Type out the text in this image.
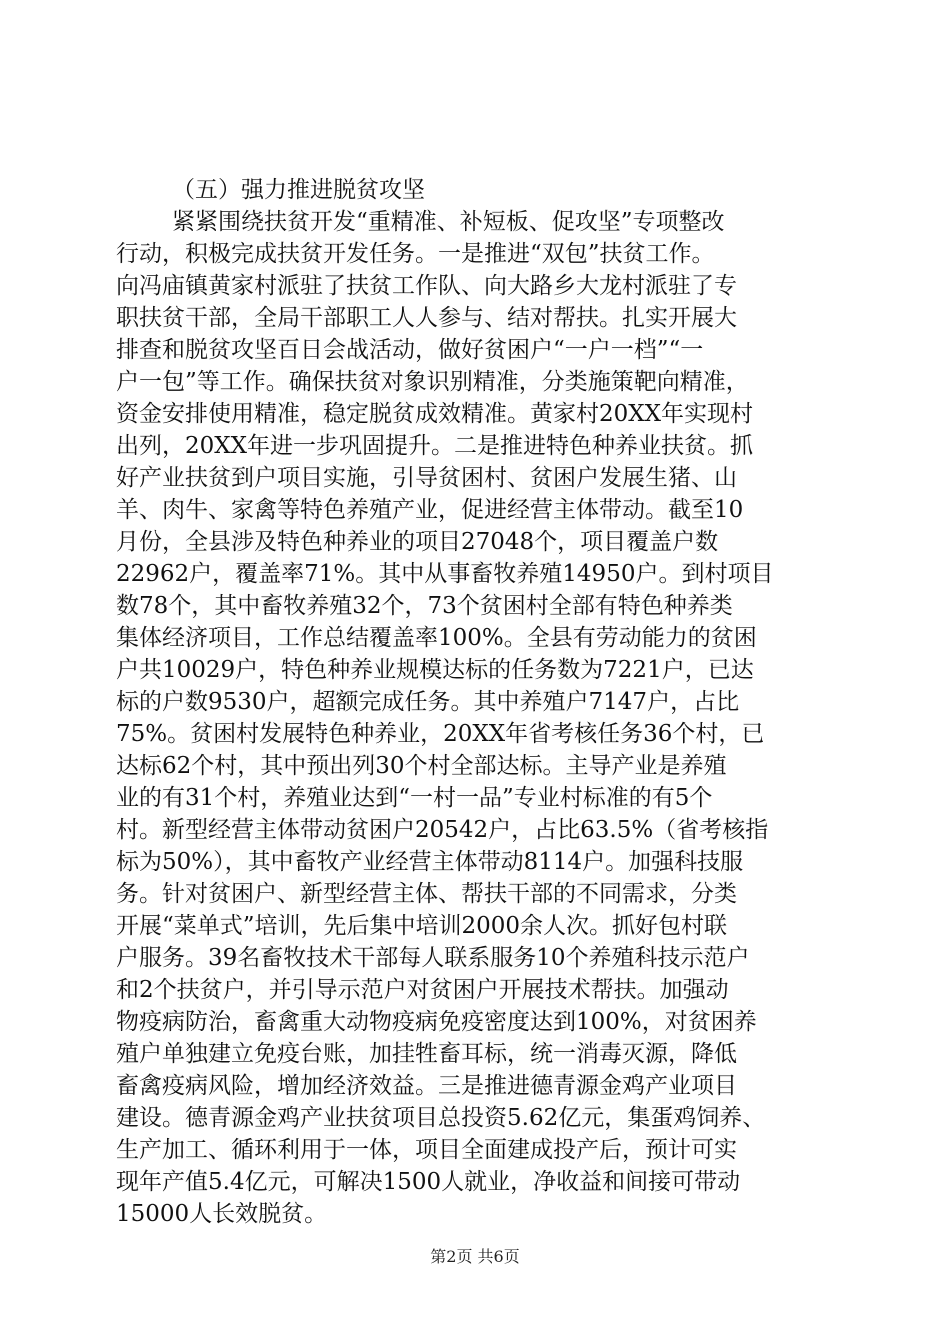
（五）强力推进脱贫攻坚
紧紧围绕扶贫开发“重精准、补短板、促攻坚”专项整改
行动，积极完成扶贫开发任务。一是推进“双包”扶贫工作。
向冯庙镇黄家村派驻了扶贫工作队、向大路乡大龙村派驻了专
职扶贫干部，全局干部职工人人参与、结对帮扶。扎实开展大
排查和脱贫攻坚百日会战活动，做好贫困户“一户一档”“一
户一包”等工作。确保扶贫对象识别精准，分类施策靶向精准，
资金安排使用精准，稳定脱贫成效精准。黄家村20XX年实现村
出列，20XX年进一步巩固提升。二是推进特色种养业扶贫。抓
好产业扶贫到户项目实施，引导贫困村、贫困户发展生猪、山
羊、肉牛、家禽等特色养殖产业，促进经营主体带动。截至10
月份，全县涉及特色种养业的项目27048个，项目覆盖户数
22962户，覆盖率71%。其中从事畜牧养殖14950户。到村项目
数78个，其中畜牧养殖32个，73个贫困村全部有特色种养类
集体经济项目，工作总结覆盖率100%。全县有劳动能力的贫困
户共10029户，特色种养业规模达标的任务数为7221户，已达
标的户数9530户，超额完成任务。其中养殖户7147户，占比
75%。贫困村发展特色种养业，20XX年省考核任务36个村，已
达标62个村，其中预出列30个村全部达标。主导产业是养殖
业的有31个村，养殖业达到“一村一品”专业村标准的有5个
村。新型经营主体带动贫困户20542户，占比63.5%（省考核指
标为50%），其中畜牧产业经营主体带动8114户。加强科技服
务。针对贫困户、新型经营主体、帮扶干部的不同需求，分类
开展“菜单式”培训，先后集中培训2000余人次。抓好包村联
户服务。39名畜牧技术干部每人联系服务10个养殖科技示范户
和2个扶贫户，并引导示范户对贫困户开展技术帮扶。加强动
物疫病防治，畜禽重大动物疫病免疫密度达到100%，对贫困养
殖户单独建立免疫台账，加挂牲畜耳标，统一消毒灭源，降低
畜禽疫病风险，增加经济效益。三是推进德青源金鸡产业项目
建设。德青源金鸡产业扶贫项目总投资5.62亿元，集蛋鸡饲养、
生产加工、循环利用于一体，项目全面建成投产后，预计可实
现年产值5.4亿元，可解决1500人就业，净收益和间接可带动
15000人长效脱贫。
第2页 共6页
